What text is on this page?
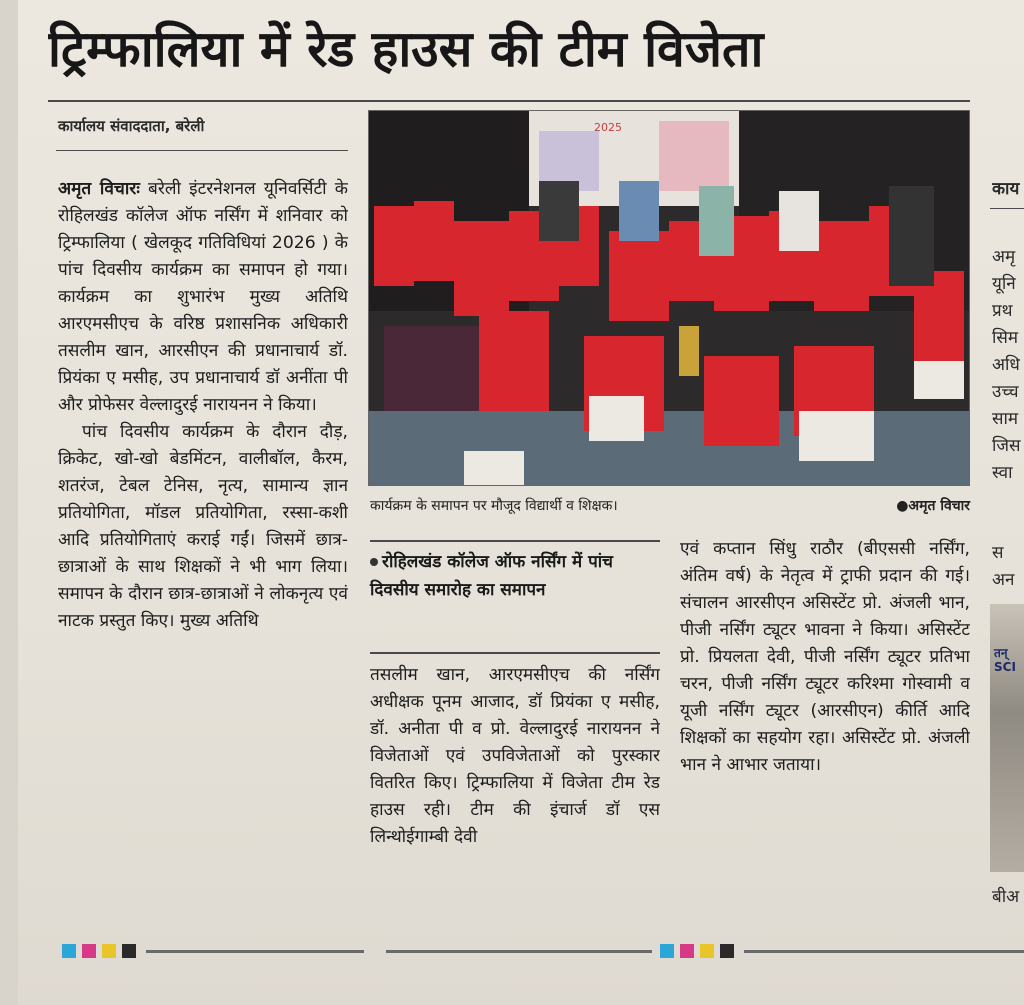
ट्रिम्फालिया में रेड हाउस की टीम विजेता
कार्यालय संवाददाता, बरेली

अमृत विचारः बरेली इंटरनेशनल यूनिवर्सिटी के रोहिलखंड कॉलेज ऑफ नर्सिंग में शनिवार को ट्रिम्फालिया ( खेलकूद गतिविधियां 2026 ) के पांच दिवसीय कार्यक्रम का समापन हो गया। कार्यक्रम का शुभारंभ मुख्य अतिथि आरएमसीएच के वरिष्ठ प्रशासनिक अधिकारी तसलीम खान, आरसीएन की प्रधानाचार्य डॉ. प्रियंका ए मसीह, उप प्रधानाचार्य डॉ अनींता पी और प्रोफेसर वेल्लादुरई नारायनन ने किया।

पांच दिवसीय कार्यक्रम के दौरान दौड़, क्रिकेट, खो-खो बेडमिंटन, वालीबॉल, कैरम, शतरंज, टेबल टेनिस, नृत्य, सामान्य ज्ञान प्रतियोगिता, मॉडल प्रतियोगिता, रस्सा-कशी आदि प्रतियोगिताएं कराई गईं। जिसमें छात्र-छात्राओं के साथ शिक्षकों ने भी भाग लिया। समापन के दौरान छात्र-छात्राओं ने लोकनृत्य एवं नाटक प्रस्तुत किए। मुख्य अतिथि

2025
कार्यक्रम के समापन पर मौजूद विद्यार्थी व शिक्षक।	●अमृत विचार
रोहिलखंड कॉलेज ऑफ नर्सिंग में पांच दिवसीय समारोह का समापन
तसलीम खान, आरएमसीएच की नर्सिंग अधीक्षक पूनम आजाद, डॉ प्रियंका ए मसीह, डॉ. अनीता पी व प्रो. वेल्लादुरई नारायनन ने विजेताओं एवं उपविजेताओं को पुरस्कार वितरित किए। ट्रिम्फालिया में विजेता टीम रेड हाउस रही। टीम की इंचार्ज डॉ एस लिन्थोईगाम्बी देवी
एवं कप्तान सिंधु राठौर (बीएससी नर्सिंग, अंतिम वर्ष) के नेतृत्व में ट्राफी प्रदान की गई। संचालन आरसीएन असिस्टेंट प्रो. अंजली भान, पीजी नर्सिंग ट्यूटर भावना ने किया। असिस्टेंट प्रो. प्रियलता देवी, पीजी नर्सिंग ट्यूटर प्रतिभा चरन, पीजी नर्सिंग ट्यूटर करिश्मा गोस्वामी व यूजी नर्सिंग ट्यूटर (आरसीएन) कीर्ति आदि शिक्षकों का सहयोग रहा। असिस्टेंट प्रो. अंजली भान ने आभार जताया।
काय
अमृ
यूनि
प्रथ
सिम
अधि
उच्च
साम
जिस
स्वा
स
अन
तन्
SCI
बीअ
